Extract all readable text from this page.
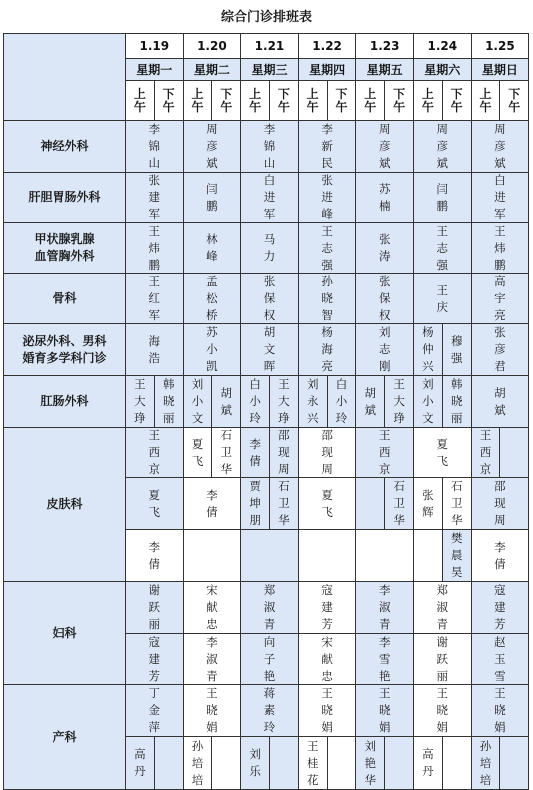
综合门诊排班表
1.19 1.20 1.21 1.22 1.23 1.24 1.25
星期一 星期二 星期三 星期四 星期五 星期六 星期日
上午
下午
上午
下午
上午
下午
上午
下午
上午
下午
上午
下午
上午
下午
神经外科
李锦山
周彦斌
李锦山
李新民
周彦斌
周彦斌
周彦斌
肝胆胃肠外科
张建军
闫鹏
白进军
张进峰
苏楠
闫鹏
白进军
甲状腺乳腺
血管胸外科
王炜鹏
林峰
马力
王志强
张涛
王志强
王炜鹏
骨科
王红军
孟松桥
张保权
孙晓智
张保权
王庆
高宇亮
泌尿外科、男科
婚育多学科门诊
海浩
苏小凯
胡文晖
杨海亮
刘志刚
杨仲兴
穆强
张彦君
肛肠外科
王大琤
韩晓丽
刘小文
胡斌
白小玲
王大琤
刘永兴
白小玲
胡斌
王大琤
刘小文
韩晓丽
胡斌
皮肤科
王西京
夏飞
石卫华
李倩
邵现周
邵现周
王西京
夏飞
王西京
夏飞
李倩
贾坤朋
石卫华
夏飞
石卫华
张辉
石卫华
邵现周
李倩
樊晨昊
李倩
妇科
谢跃丽
宋献忠
郑淑青
寇建芳
李淑青
郑淑青
寇建芳
寇建芳
李淑青
向子艳
宋献忠
李雪艳
谢跃丽
赵玉雪
产科
丁金萍
王晓娟
蒋素玲
王晓娟
王晓娟
王晓娟
王晓娟
高丹
孙培培
刘乐
王桂花
刘艳华
高丹
孙培培
